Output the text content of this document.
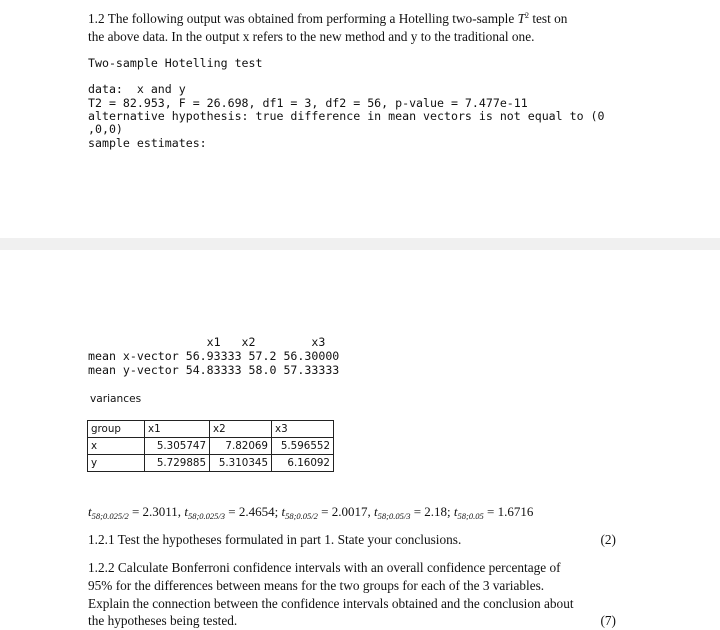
1.2 The following output was obtained from performing a Hotelling two-sample $T^2$ test on
the above data. In the output x refers to the new method and y to the traditional one.
Two-sample Hotelling test
data:  x and y
T2 = 82.953, F = 26.698, df1 = 3, df2 = 56, p-value = 7.477e-11
alternative hypothesis: true difference in mean vectors is not equal to (0
,0,0)
sample estimates:
x1   x2        x3
mean x-vector 56.93333 57.2 56.30000
mean y-vector 54.83333 58.0 57.33333
variances
group	x1	x2	x3
x	5.305747	7.82069	5.596552
y	5.729885	5.310345	6.16092
$t_{58;0.025/2} = 2.3011$, $t_{58;0.025/3} = 2.4654$; $t_{58;0.05/2} = 2.0017$, $t_{58;0.05/3} = 2.18$; $t_{58;0.05} = 1.6716$
1.2.1 Test the hypotheses formulated in part 1. State your conclusions.	(2)
1.2.2 Calculate Bonferroni confidence intervals with an overall confidence percentage of
95% for the differences between means for the two groups for each of the 3 variables.
Explain the connection between the confidence intervals obtained and the conclusion about
the hypotheses being tested.	(7)
